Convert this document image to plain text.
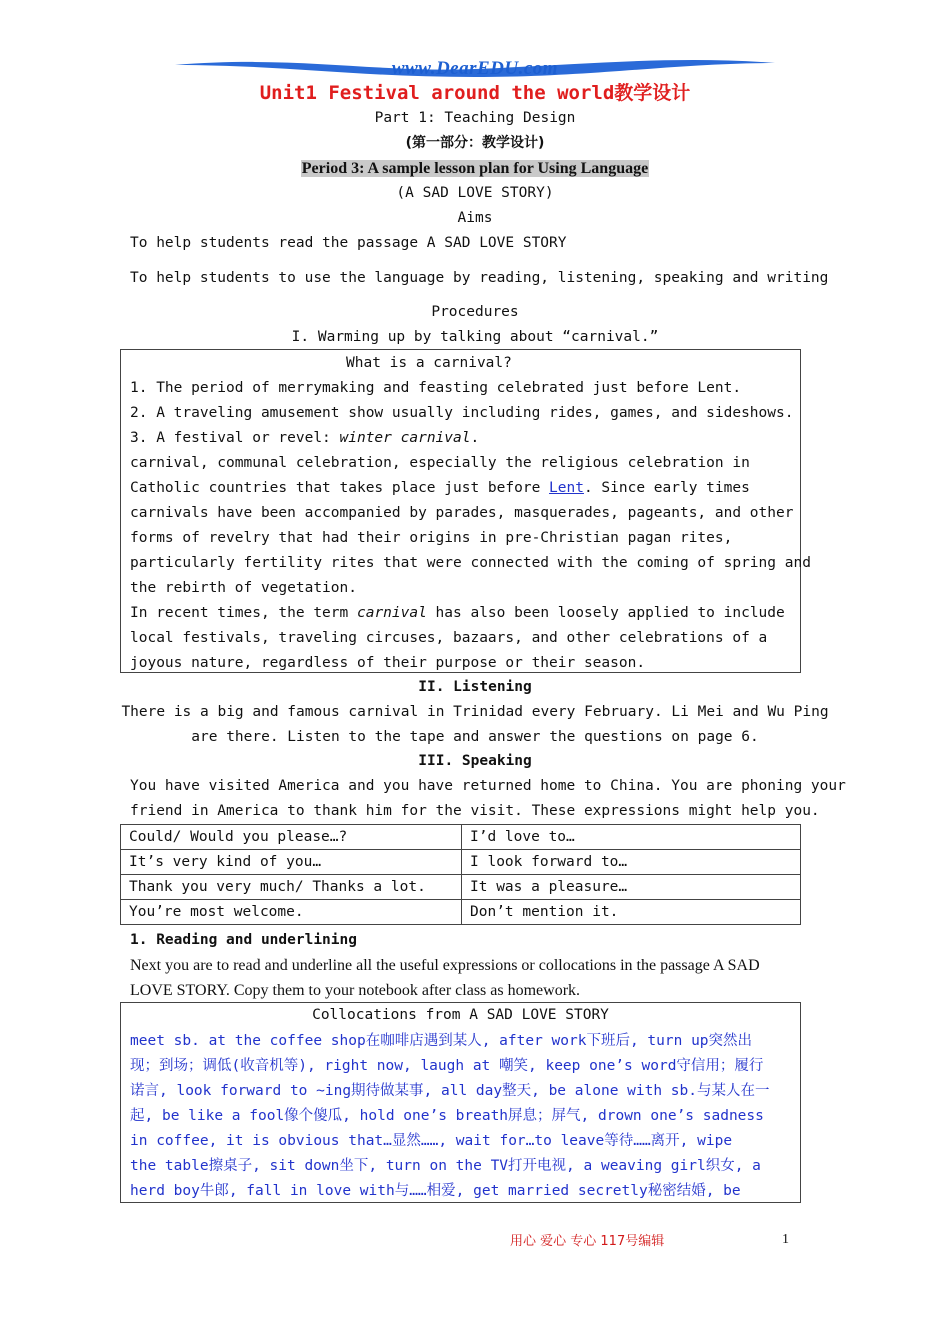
www.DearEDU.com
Unit1 Festival around the world教学设计
Part 1: Teaching Design
(第一部分：教学设计)
Period 3: A sample lesson plan for Using Language
(A SAD LOVE STORY)
Aims
To help students read the passage A SAD LOVE STORY
To help students to use the language by reading, listening, speaking and writing
Procedures
I. Warming up by talking about “carnival.”
What is a carnival?
1. The period of merrymaking and feasting celebrated just before Lent.
2. A traveling amusement show usually including rides, games, and sideshows.
3. A festival or revel: winter carnival.
carnival, communal celebration, especially the religious celebration in
Catholic countries that takes place just before Lent. Since early times
carnivals have been accompanied by parades, masquerades, pageants, and other
forms of revelry that had their origins in pre-Christian pagan rites,
particularly fertility rites that were connected with the coming of spring and
the rebirth of vegetation.
In recent times, the term carnival has also been loosely applied to include
local festivals, traveling circuses, bazaars, and other celebrations of a
joyous nature, regardless of their purpose or their season.
II. Listening
There is a big and famous carnival in Trinidad every February. Li Mei and Wu Ping
are there. Listen to the tape and answer the questions on page 6.
III. Speaking
You have visited America and you have returned home to China. You are phoning your
friend in America to thank him for the visit. These expressions might help you.
Could/ Would you please…?	I’d love to…
It’s very kind of you…	I look forward to…
Thank you very much/ Thanks a lot.	It was a pleasure…
You’re most welcome.	Don’t mention it.
1. Reading and underlining
Next you are to read and underline all the useful expressions or collocations in the passage A SAD
LOVE STORY. Copy them to your notebook after class as homework.
Collocations from A SAD LOVE STORY
meet sb. at the coffee shop在咖啡店遇到某人, after work下班后, turn up突然出
现；到场；调低(收音机等), right now, laugh at 嘲笑, keep one’s word守信用；履行
诺言, look forward to ~ing期待做某事, all day整天, be alone with sb.与某人在一
起, be like a fool像个傻瓜, hold one’s breath屏息；屏气, drown one’s sadness
in coffee, it is obvious that…显然……, wait for…to leave等待……离开, wipe
the table擦桌子, sit down坐下, turn on the TV打开电视, a weaving girl织女, a
herd boy牛郎, fall in love with与……相爱, get married secretly秘密结婚, be
用心 爱心 专心 117号编辑	1
